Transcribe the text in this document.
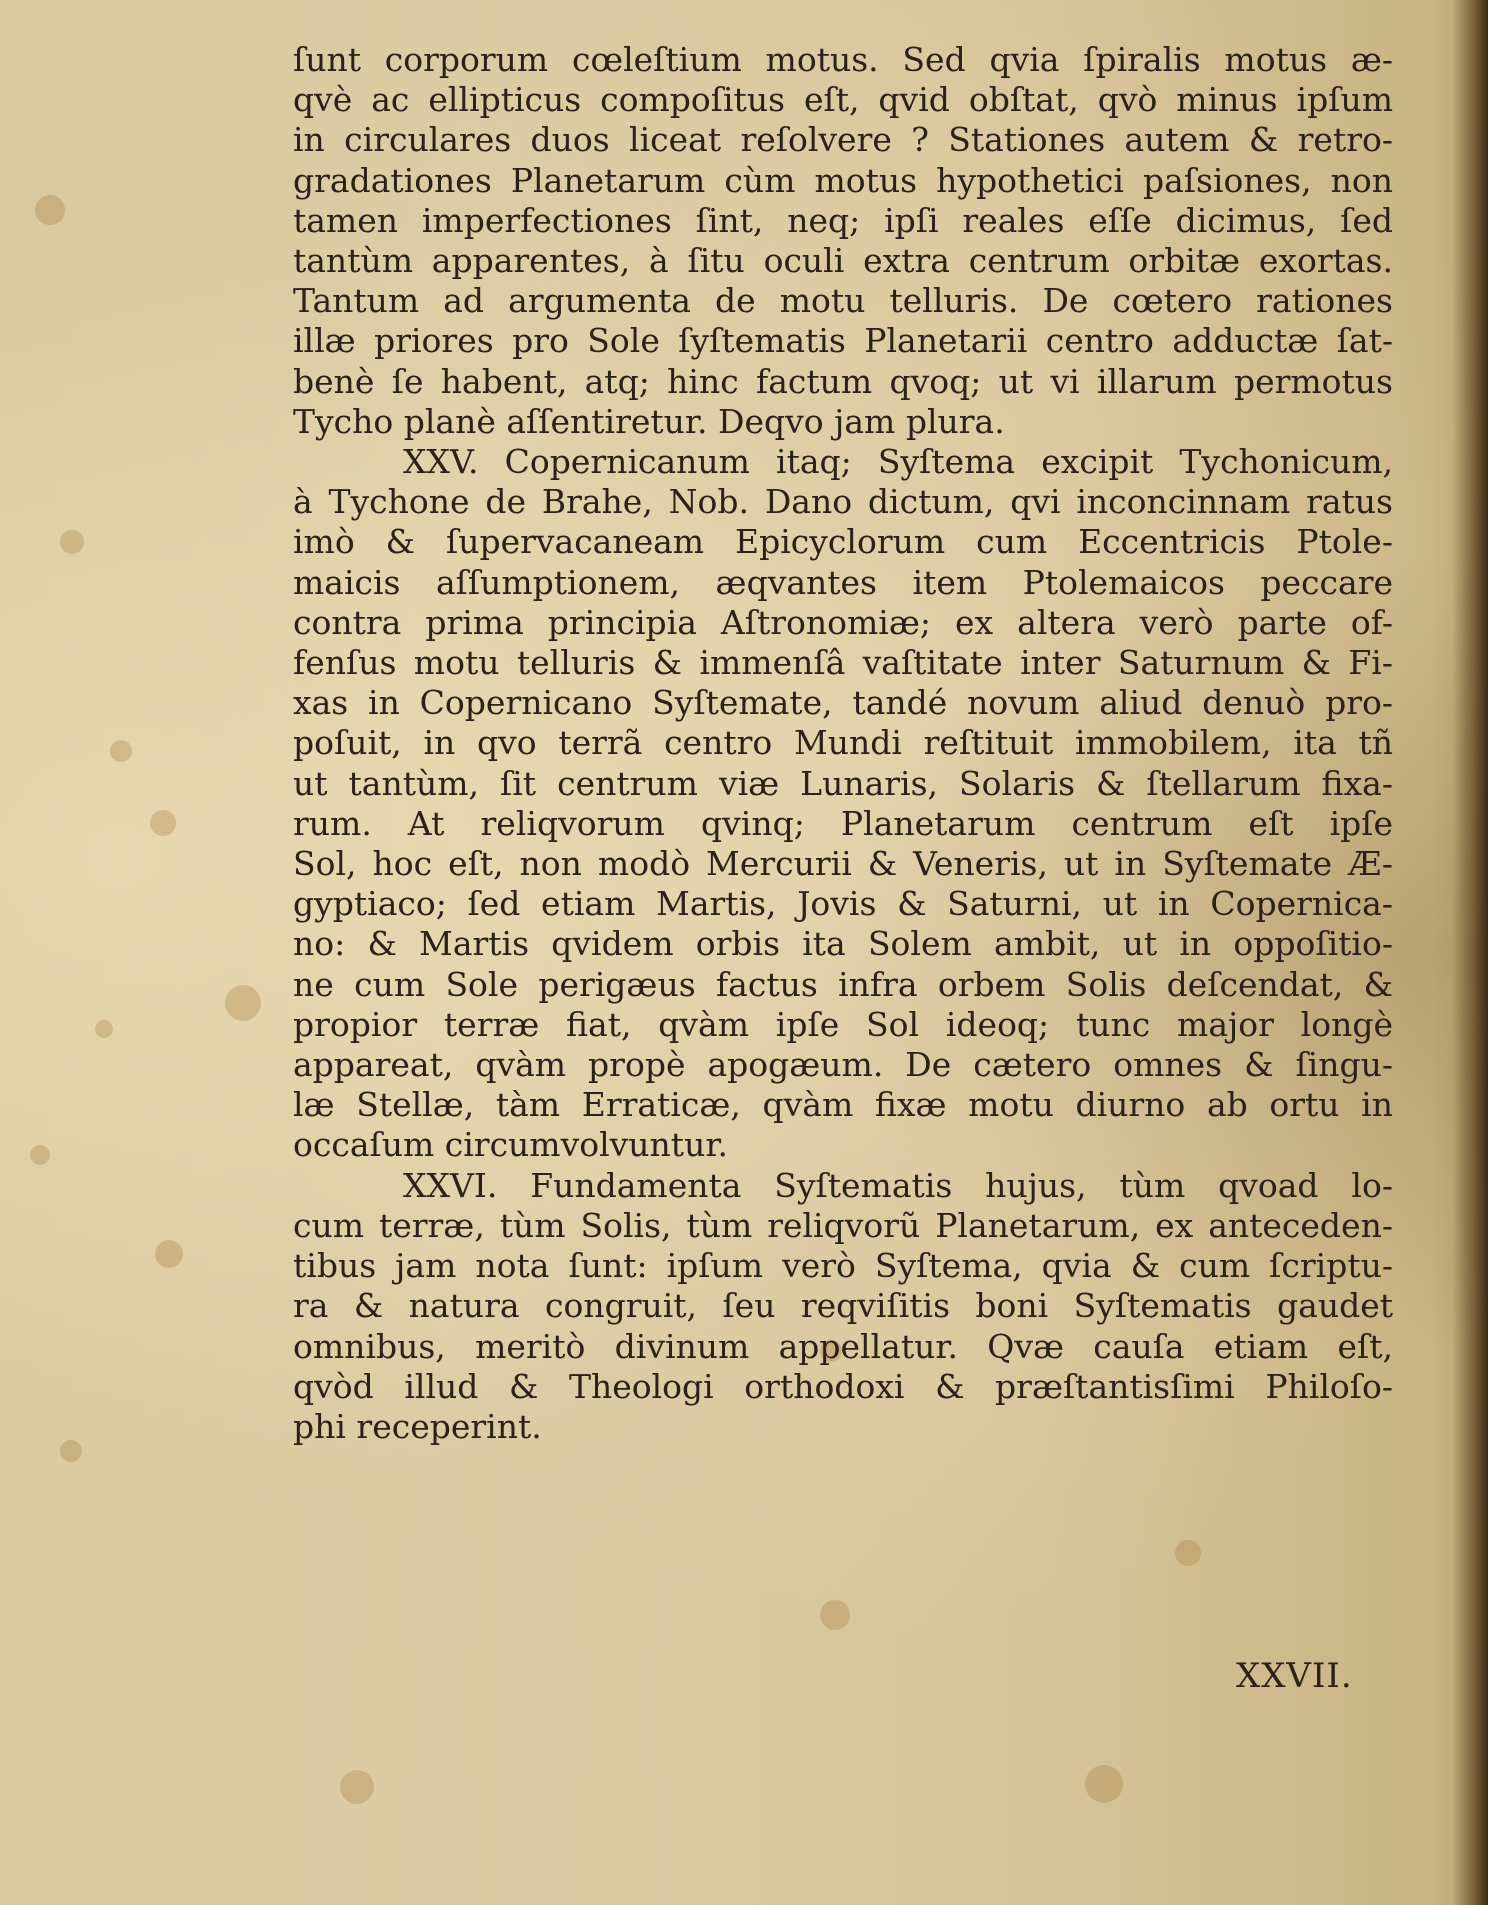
ſunt corporum cœleſtium motus. Sed qvia ſpiralis motus æ-
qvè ac ellipticus compoſitus eſt, qvid obſtat, qvò minus ipſum
in circulares duos liceat reſolvere ? Stationes autem & retro-
gradationes Planetarum cùm motus hypothetici paſsiones, non
tamen imperfectiones ſint, neq; ipſi reales eſſe dicimus, ſed
tantùm apparentes, à ſitu oculi extra centrum orbitæ exortas.
Tantum ad argumenta de motu telluris. De cœtero rationes
illæ priores pro Sole ſyſtematis Planetarii centro adductæ ſat-
benè ſe habent, atq; hinc factum qvoq; ut vi illarum permotus
Tycho planè aſſentiretur. Deqvo jam plura.
XXV. Copernicanum itaq; Syſtema excipit Tychonicum,
à Tychone de Brahe, Nob. Dano dictum, qvi inconcinnam ratus
imò & ſupervacaneam Epicyclorum cum Eccentricis Ptole-
maicis aſſumptionem, æqvantes item Ptolemaicos peccare
contra prima principia Aſtronomiæ; ex altera verò parte of-
fenſus motu telluris & immenſâ vaſtitate inter Saturnum & Fi-
xas in Copernicano Syſtemate, tandé novum aliud denuò pro-
poſuit, in qvo terrã centro Mundi reſtituit immobilem, ita tñ
ut tantùm, ſit centrum viæ Lunaris, Solaris & ſtellarum fixa-
rum. At reliqvorum qvinq; Planetarum centrum eſt ipſe
Sol, hoc eſt, non modò Mercurii & Veneris, ut in Syſtemate Æ-
gyptiaco; ſed etiam Martis, Jovis & Saturni, ut in Copernica-
no: & Martis qvidem orbis ita Solem ambit, ut in oppoſitio-
ne cum Sole perigæus factus infra orbem Solis deſcendat, &
propior terræ fiat, qvàm ipſe Sol ideoq; tunc major longè
appareat, qvàm propè apogæum. De cætero omnes & ſingu-
læ Stellæ, tàm Erraticæ, qvàm fixæ motu diurno ab ortu in
occaſum circumvolvuntur.
XXVI. Fundamenta Syſtematis hujus, tùm qvoad lo-
cum terræ, tùm Solis, tùm reliqvorũ Planetarum, ex anteceden-
tibus jam nota ſunt: ipſum verò Syſtema, qvia & cum ſcriptu-
ra & natura congruit, ſeu reqviſitis boni Syſtematis gaudet
omnibus, meritò divinum appellatur. Qvæ cauſa etiam eſt,
qvòd illud & Theologi orthodoxi & præſtantisſimi Philoſo-
phi receperint.
XXVII.
